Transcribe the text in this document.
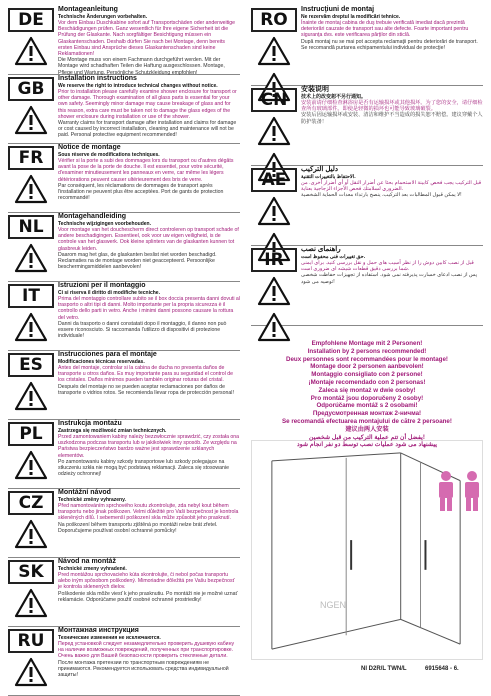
DE
Montageanleitung
Technische Änderungen vorbehalten.
Vor dem Einbau Duschkabine sofort auf Transportschäden oder anderweitige Beschädigungen prüfen. Ganz wesentlich für Ihre eigene Sicherheit ist die Prüfung der Glaskante. Nach sorgfältiger Besichtigung müssen ein Glaskantenschaden. Deshalb dürfen Sie nach bei Montage, denn bereits ersten Einbau sind Ansprüche dieses Glaskantenschaden sind keine Reklamationen!
Die Montage muss von einem Fachmann durchgeführt werden. Mit der Montage wird schadhaften Teilen die Haftung ausgeschlossen. Montage, Pflege und Wartung. Persönliche Schutzkleidung empfohlen!
GB
Installation instructions
We reserve the right to introduce technical changes without notice.
Prior to installation please carefully examine shower enclosure for transport or other damage. Thorough examination of all glass parts is essential for your own safety. Seemingly minor damage may cause breakage of glass and for this reason, extra care must be taken not to damage the glass edges of the shower enclosure during installation or use of the shower.
Warranty claims for transport damage after installation and claims for damage or cost caused by incorrect installation, cleaning and maintenance will not be paid. Personal protective equipment recommended!
FR
Notice de montage
Sous réserve de modifications techniques.
Vérifier si la porte a subi des dommages lors du transport ou d'autres dégâts avant la pose de la porte de douche. Il est essentiel, pour votre sécurité, d'examiner minutieusement les panneaux en verre, car même les légers détériorations peuvent causer ultérieurement des bris de verre.
Par conséquent, les réclamations de dommages de transport après l'installation ne peuvent plus être acceptées. Port de gants de protection recommandé!
NL
Montagehandleiding
Technische wijzigingen voorbehouden.
Voor montage van het douchescherm direct controleren op transport schade of andere beschadigingen. Essentieel, ook voor uw eigen veiligheid, is de controle van het glaswerk. Ook kleine splinters van de glaskanten kunnen tot glasbreuk leiden.
Daarom mag het glas, de glaskanten beslist niet worden beschadigd. Reclamaties na de montage worden niet geaccepteerd. Persoonlijke beschermingsmiddelen aanbevolen!
IT
Istruzioni per il montaggio
Ci si riserva il diritto di modifiche tecniche.
Prima del montaggio controllare subito se il box doccia presenta danni dovuti al trasporto o altri tipi di danni. Molto importante per la propria sicurezza è il controllo dello parti in vetro. Anche i minimi danni possono causare la rottura del vetro.
Danni da trasporto o danni constatati dopo il montaggio, il danno non può essere riconosciuto. Si raccomanda l'utilizzo di dispositivi di protezione individuale!
ES
Instrucciones para el montaje
Modificaciones técnicas reservadas.
Antes del montaje, controlar si la cabina de ducha no presenta daños de transporte u otros daños. Es muy importante para su seguridad el control de los cristales. Daños mínimos pueden también originar roturas del cristal.
Después del montaje no se pueden aceptar reclamaciones por daños de transporte o vidrios rotos. Se recomienda llevar ropa de protección personal!
PL
Instrukcja montażu
Zastrzega się możliwość zmian technicznych.
Przed zamontowaniem kabiny należy bezzwłocznie sprawdzić, czy została ona uszkodzona podczas transportu lub w jakikolwiek inny sposób. Ze względu na Państwa bezpieczeństwo bardzo ważne jest sprawdzenie szklanych elementów.
Po zamontowaniu kabiny szkody transportowe lub szkody polegające na stłuczeniu szkła nie mogą być podstawą reklamacji. Zaleca się stosowanie odzieży ochronnej!
CZ
Montážní návod
Technické změny vyhrazeny.
Před namontováním sprchového koutu zkontrolujte, zda nebyl kout během transportu nebo jinak poškozen. Velmi důležité pro Vaši bezpečnost je kontrola skleněných dílů. I sebemenší poškození skla může způsobit jeho prasknutí.
Na poškození během transportu zjištěná po montáži nelze brát zřetel. Doporučujeme používat osobní ochranné pomůcky!
SK
Návod na montáž
Technické zmeny vyhradené.
Pred montážou sprchovacieho kúta skontrolujte, či nebol počas transportu alebo iným spôsobom poškodený. Mimoriadne dôležitá pre Vašu bezpečnosť je kontrola sklenených dielov.
Poškodenie skla môže viesť k jeho prasknutiu. Po montáži nie je možné uznať reklamácie. Odporúčame použiť osobné ochranné prostriedky!
RU
Монтажная инструкция
Технические изменения не исключаются.
Перед установкой следует незамедлительно проверить душевую кабину на наличие возможных повреждений, полученных при транспортировке. Очень важно для Вашей безопасности проверить стеклянные детали.
После монтажа претензии по транспортным повреждениям не принимаются. Рекомендуется использовать средства индивидуальной защиты!
RO
Instrucţiuni de montaj
Ne rezervăm dreptul la modificări tehnice.
Înainte de montaj cabina de duş trebuie verificată imediat dacă prezintă deteriorări cauzate de transport sau alte defecte. Foarte important pentru siguranţa dvs. este verificarea părţilor din sticlă.
După montaj nu se mai pot accepta reclamaţii pentru deteriorări de transport. Se recomandă purtarea echipamentului individual de protecţie!
CN
安装说明
技术上的改变恕不另行通知。
安装前请仔细检查淋浴房是否有运输损坏或其他损坏。为了您的安全，请仔细检查所有玻璃部件。即使是轻微的损坏也可能导致玻璃破裂。
安装后因运输损坏或安装、清洁和维护不当造成的损失恕不赔偿。建议穿戴个人防护装备！
AE
دليل التركيب
الاحتفاظ بالتغييرات التقنية.
قبل التركيب يجب فحص كابينة الاستحمام بحثا عن أضرار النقل أو أي أضرار أخرى. من الضروري لسلامتك فحص الأجزاء الزجاجية بعناية.
لا يمكن قبول المطالبات بعد التركيب. ينصح بارتداء معدات الحماية الشخصية!
IR
راهنمای نصب
حق تغییرات فنی محفوظ است.
قبل از نصب کابین دوش را از نظر آسیب های حمل و نقل بررسی کنید. برای ایمنی شما بررسی دقیق قطعات شیشه ای ضروری است.
پس از نصب ادعای خسارت پذیرفته نمی شود. استفاده از تجهیزات حفاظت شخصی توصیه می شود!
NGEN
Empfohlene Montage mit 2 Personen!
Installation by 2 persons recommended!
Deux personnes sont recommandées pour le montage!
Montage door 2 personen aanbevolen!
Montaggio consigliato con 2 persone!
¡Montaje recomendado con 2 personas!
Zaleca się montaż w dwie osoby!
Pro montáž jsou doporučeny 2 osoby!
Odporúčame montáž s 2 osobami!
Предусмотренная монтаж 2-ничма!
Se recomandă efectuarea montajului de către 2 persoane!
建议由两人安装
يفضل أن تتم عملية التركيب من قبل شخصين!
پیشنهاد می شود عملیات نصب توسط دو نفر انجام شود
NI D2R/L TWN/L	6915648 - 6.
